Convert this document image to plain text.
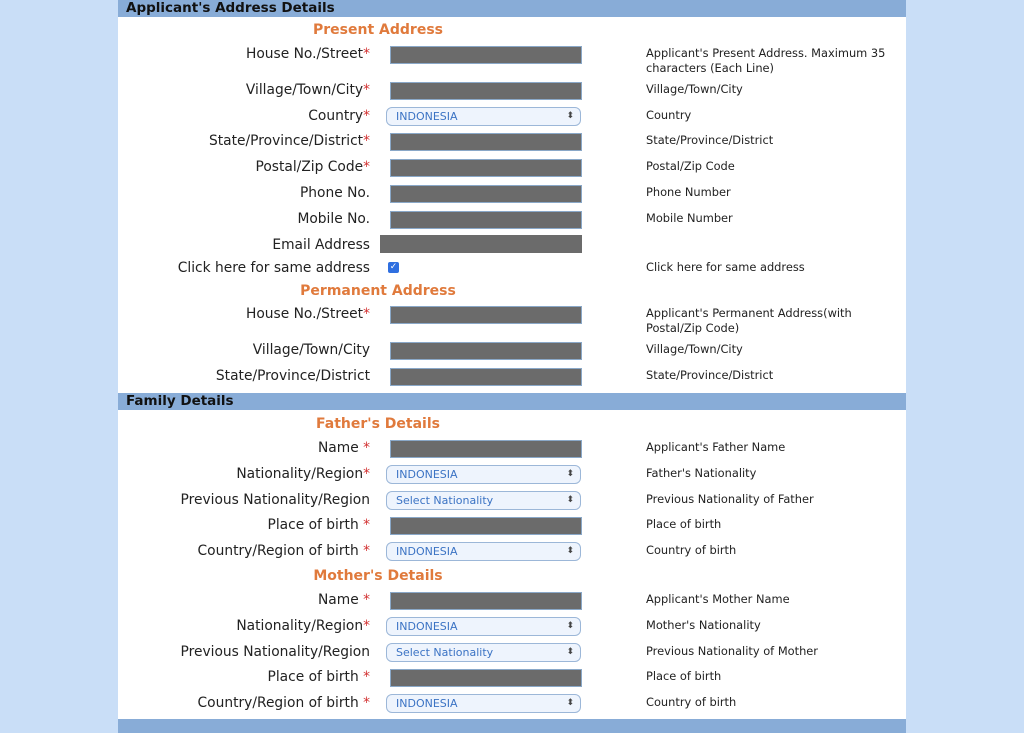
Applicant's Address Details
Present Address
House No./Street*	Applicant's Present Address. Maximum 35 characters (Each Line)
Village/Town/City*	Village/Town/City
Country*	INDONESIA	⬍	Country
State/Province/District*	State/Province/District
Postal/Zip Code*	Postal/Zip Code
Phone No.	Phone Number
Mobile No.	Mobile Number
Email Address
Click here for same address ✓	Click here for same address
Permanent Address
House No./Street*	Applicant's Permanent Address(with Postal/Zip Code)
Village/Town/City	Village/Town/City
State/Province/District	State/Province/District
Family Details
Father's Details
Name *	Applicant's Father Name
Nationality/Region*	INDONESIA	⬍	Father's Nationality
Previous Nationality/Region	Select Nationality	⬍	Previous Nationality of Father
Place of birth *	Place of birth
Country/Region of birth *	INDONESIA	⬍	Country of birth
Mother's Details
Name *	Applicant's Mother Name
Nationality/Region*	INDONESIA	⬍	Mother's Nationality
Previous Nationality/Region	Select Nationality	⬍	Previous Nationality of Mother
Place of birth *	Place of birth
Country/Region of birth *	INDONESIA	⬍	Country of birth
